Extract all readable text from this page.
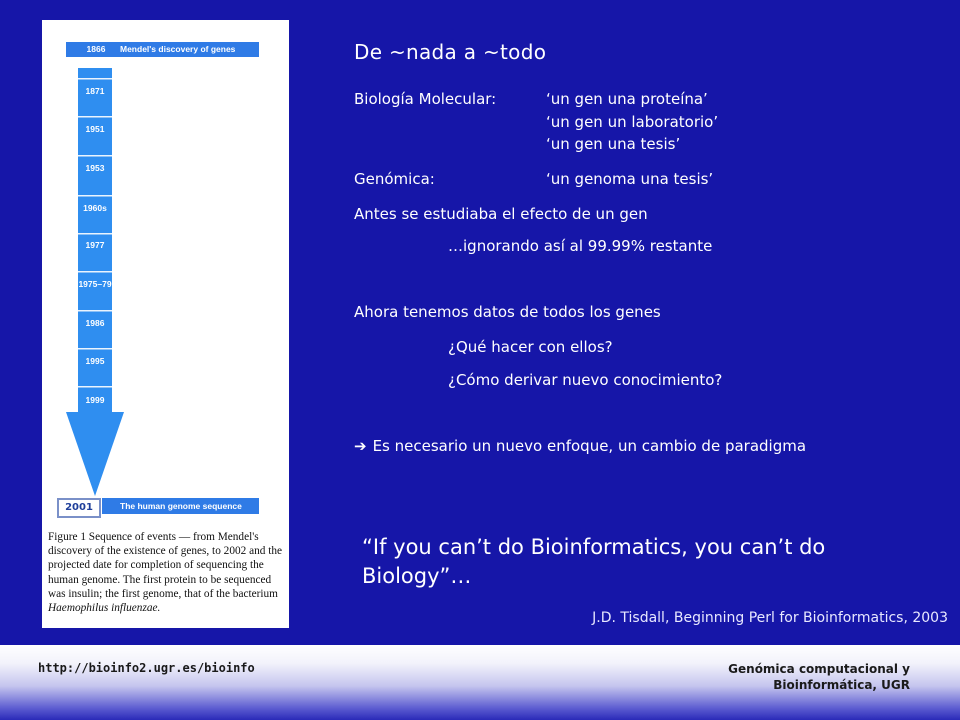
1866	Mendel's discovery of genes
1871	Nucleic acids discovered
1951	First protein sequence
1953	Structure of DNA
1960s	Elucidation of the genetic code
1977	Advent of DNA sequencing
1975–79 First human genes isolated
1986	DNA sequencing automated
1995	First whole genome
1999	First human chromosome
2001	The human genome sequence
Figure 1 Sequence of events — from Mendel's discovery of the existence of genes, to 2002 and the projected date for completion of sequencing the human genome. The first protein to be sequenced was insulin; the first genome, that of the bacterium Haemophilus influenzae.
De ~nada a ~todo
Biología Molecular:	‘un gen una proteína’
‘un gen un laboratorio’
‘un gen una tesis’
Genómica:	‘un genoma una tesis’
Antes se estudiaba el efecto de un gen
…ignorando así al 99.99% restante
Ahora tenemos datos de todos los genes
¿Qué hacer con ellos?
¿Cómo derivar nuevo conocimiento?
➔ Es necesario un nuevo enfoque, un cambio de paradigma
“If you can’t do Bioinformatics, you can’t do Biology”…
J.D. Tisdall, Beginning Perl for Bioinformatics, 2003
http://bioinfo2.ugr.es/bioinfo	Genómica computacional y
Bioinformática, UGR
